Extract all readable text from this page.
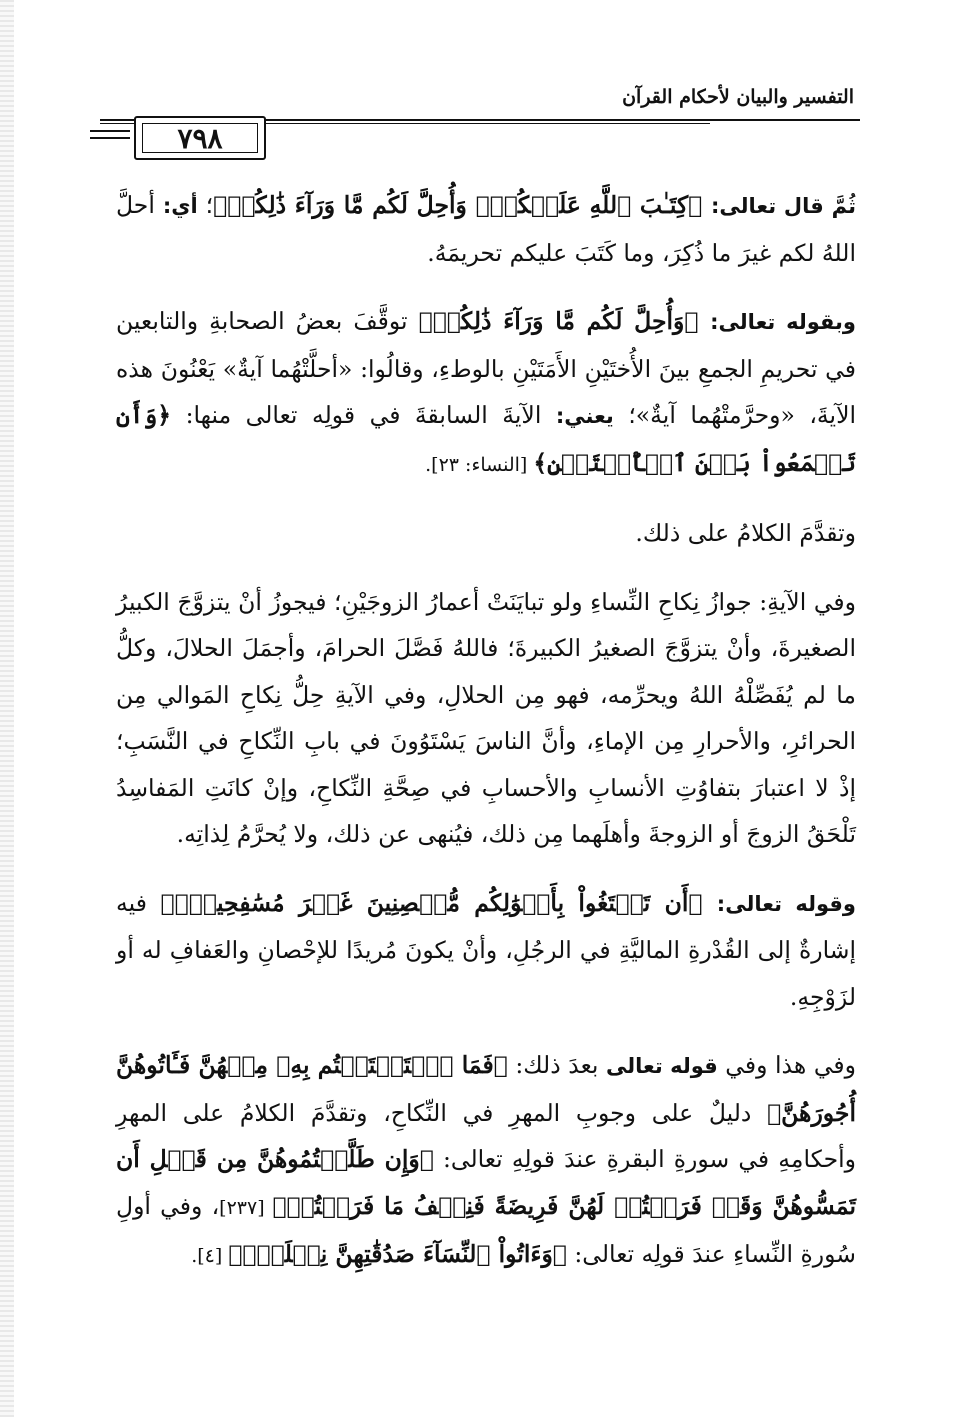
التفسير والبيان لأحكام القرآن
٧٩٨

ثُمَّ قال تعالى: ﴿كِتَـٰبَ ٱللَّهِ عَلَيۡكُمۡۚ وَأُحِلَّ لَكُم مَّا وَرَآءَ ذَٰلِكُمۡ﴾؛ أي: أحلَّ اللهُ لكم غيرَ ما ذُكِرَ، وما كَتَبَ عليكم تحريمَهُ.

وبقوله تعالى: ﴿وَأُحِلَّ لَكُم مَّا وَرَآءَ ذَٰلِكُمۡ﴾ توقَّفَ بعضُ الصحابةِ والتابعين في تحريمِ الجمعِ بينَ الأُختَيْنِ الأَمَتَيْنِ بالوطءِ، وقالُوا: «أحلَّتْهُما آيةٌ» يَعْنُونَ هذه الآيةَ، «وحرَّمتْهُما آيةٌ»؛ يعني: الآيةَ السابقةَ في قولِه تعالى منها: ﴿وَأَن تَجۡمَعُواْ بَيۡنَ ٱلۡأُخۡتَيۡنِ﴾ [النساء: ٢٣].

وتقدَّمَ الكلامُ على ذلك.

وفي الآيةِ: جوازُ نِكاحِ النِّساءِ ولو تبايَنَتْ أعمارُ الزوجَيْنِ؛ فيجوزُ أنْ يتزوَّجَ الكبيرُ الصغيرةَ، وأنْ يتزوَّجَ الصغيرُ الكبيرةَ؛ فاللهُ فَصَّلَ الحرامَ، وأجمَلَ الحلالَ، وكلُّ ما لم يُفَصِّلْهُ اللهُ ويحرِّمه، فهو مِن الحلالِ، وفي الآيةِ حِلُّ نِكاحِ المَوالي مِن الحرائرِ، والأحرارِ مِن الإماءِ، وأنَّ الناسَ يَسْتَوُونَ في بابِ النِّكاحِ في النَّسَبِ؛ إذْ لا اعتبارَ بتفاوُتِ الأنسابِ والأحسابِ في صِحَّةِ النِّكاحِ، وإنْ كانَتِ المَفاسِدُ تَلْحَقُ الزوجَ أو الزوجةَ وأهلَهما مِن ذلك، فيُنهى عن ذلك، ولا يُحرَّمُ لِذاتِه.

وقوله تعالى: ﴿أَن تَبۡتَغُواْ بِأَمۡوَٰلِكُم مُّحۡصِنِينَ غَيۡرَ مُسَٰفِحِينَۚ﴾ فيه إشارةٌ إلى القُدْرةِ الماليَّةِ في الرجُلِ، وأنْ يكونَ مُريدًا للإحْصانِ والعَفافِ له أو لزَوْجِهِ.

وفي هذا وفي قوله تعالى بعدَ ذلك: ﴿فَمَا ٱسۡتَمۡتَعۡتُم بِهِۦ مِنۡهُنَّ فَـَٔاتُوهُنَّ أُجُورَهُنَّ﴾ دليلٌ على وجوبِ المهرِ في النِّكاحِ، وتقدَّمَ الكلامُ على المهرِ وأحكامِهِ في سورةِ البقرةِ عندَ قولِهِ تعالى: ﴿وَإِن طَلَّقۡتُمُوهُنَّ مِن قَبۡلِ أَن تَمَسُّوهُنَّ وَقَدۡ فَرَضۡتُمۡ لَهُنَّ فَرِيضَةً فَنِصۡفُ مَا فَرَضۡتُمۡ﴾ [٢٣٧]، وفي أولِ سُورةِ النِّساءِ عندَ قولِه تعالى: ﴿وَءَاتُواْ ٱلنِّسَآءَ صَدُقَٰتِهِنَّ نِحۡلَةٗۚ﴾ [٤].
